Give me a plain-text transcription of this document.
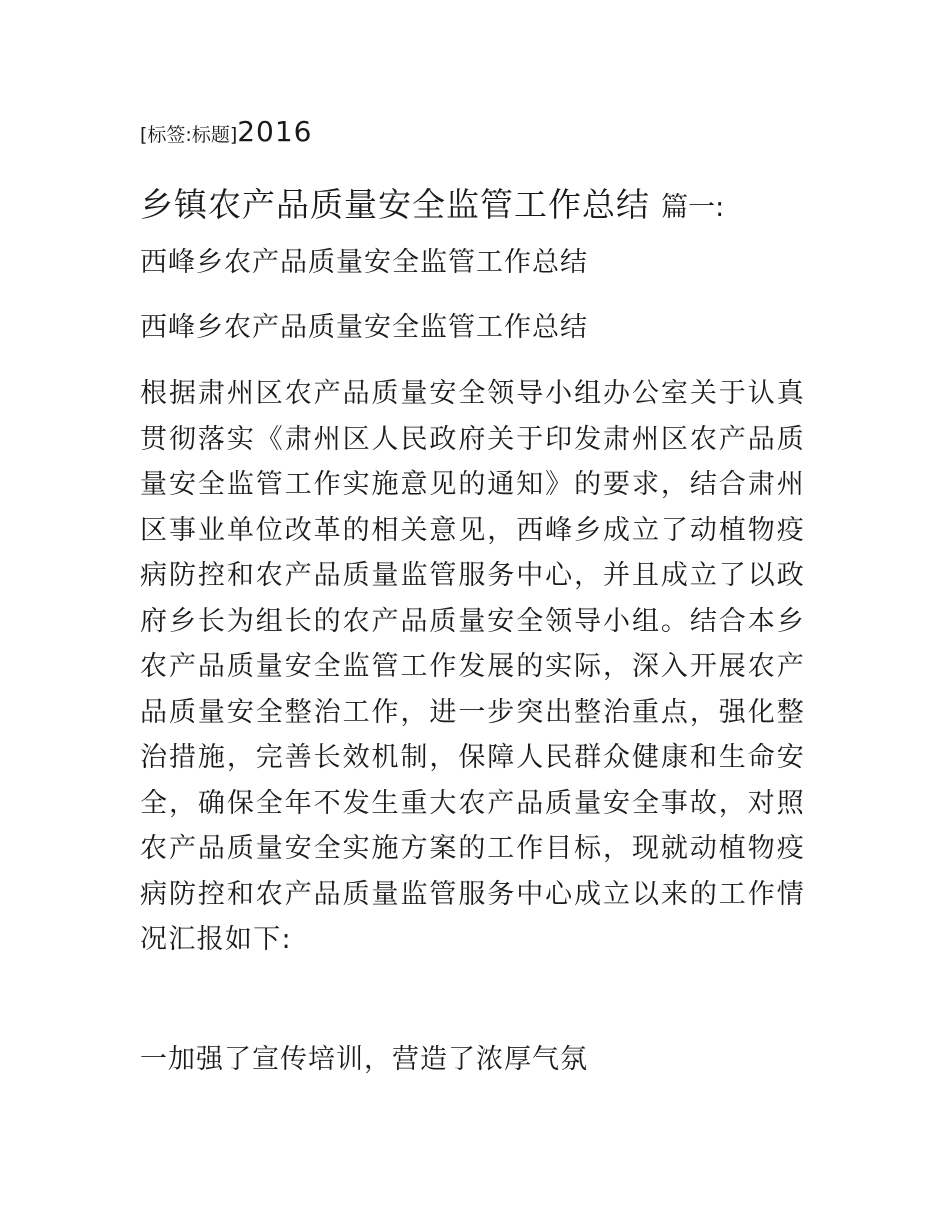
[标签:标题]2016
乡镇农产品质量安全监管工作总结 篇一:
西峰乡农产品质量安全监管工作总结
西峰乡农产品质量安全监管工作总结
根据肃州区农产品质量安全领导小组办公室关于认真贯彻落实《肃州区人民政府关于印发肃州区农产品质量安全监管工作实施意见的通知》的要求，结合肃州区事业单位改革的相关意见，西峰乡成立了动植物疫病防控和农产品质量监管服务中心，并且成立了以政府乡长为组长的农产品质量安全领导小组。结合本乡农产品质量安全监管工作发展的实际，深入开展农产品质量安全整治工作，进一步突出整治重点，强化整治措施，完善长效机制，保障人民群众健康和生命安全，确保全年不发生重大农产品质量安全事故，对照农产品质量安全实施方案的工作目标，现就动植物疫病防控和农产品质量监管服务中心成立以来的工作情况汇报如下:
一加强了宣传培训，营造了浓厚气氛
